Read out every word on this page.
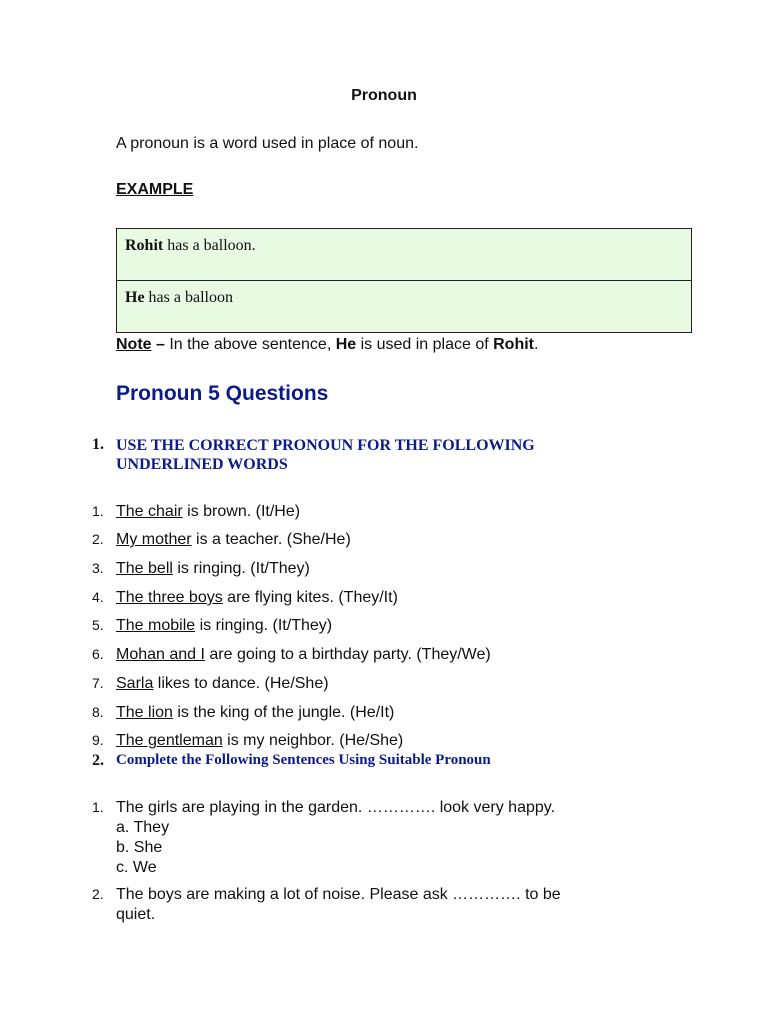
Pronoun
A pronoun is a word used in place of noun.
EXAMPLE
Rohit has a balloon.
He has a balloon
Note – In the above sentence, He is used in place of Rohit.
Pronoun 5 Questions
1. USE THE CORRECT PRONOUN FOR THE FOLLOWING UNDERLINED WORDS
1. The chair is brown. (It/He)
2. My mother is a teacher. (She/He)
3. The bell is ringing. (It/They)
4. The three boys are flying kites. (They/It)
5. The mobile is ringing. (It/They)
6. Mohan and I are going to a birthday party. (They/We)
7. Sarla likes to dance. (He/She)
8. The lion is the king of the jungle. (He/It)
9. The gentleman is my neighbor. (He/She)
2. Complete the Following Sentences Using Suitable Pronoun
1. The girls are playing in the garden. …………. look very happy.
a. They
b. She
c. We
2. The boys are making a lot of noise. Please ask …………. to be
quiet.
